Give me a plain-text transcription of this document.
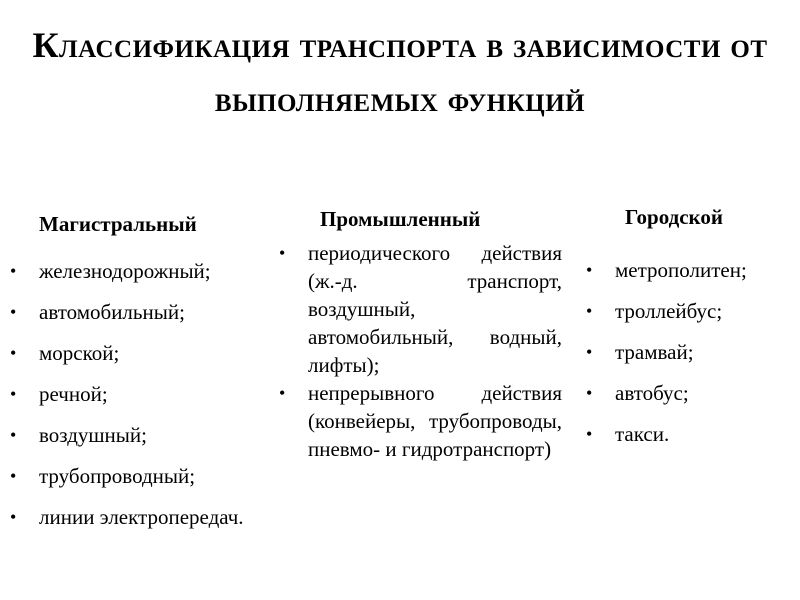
Классификация транспорта в зависимости от выполняемых функций
Магистральный
• железнодорожный;
• автомобильный;
• морской;
• речной;
• воздушный;
• трубопроводный;
• линии электропередач.
Промышленный
• периодического действия (ж.-д. транспорт, воздушный, автомобильный, водный, лифты);
• непрерывного действия (конвейеры, трубопроводы, пневмо- и гидротранспорт)
Городской
• метрополитен;
• троллейбус;
• трамвай;
• автобус;
• такси.
